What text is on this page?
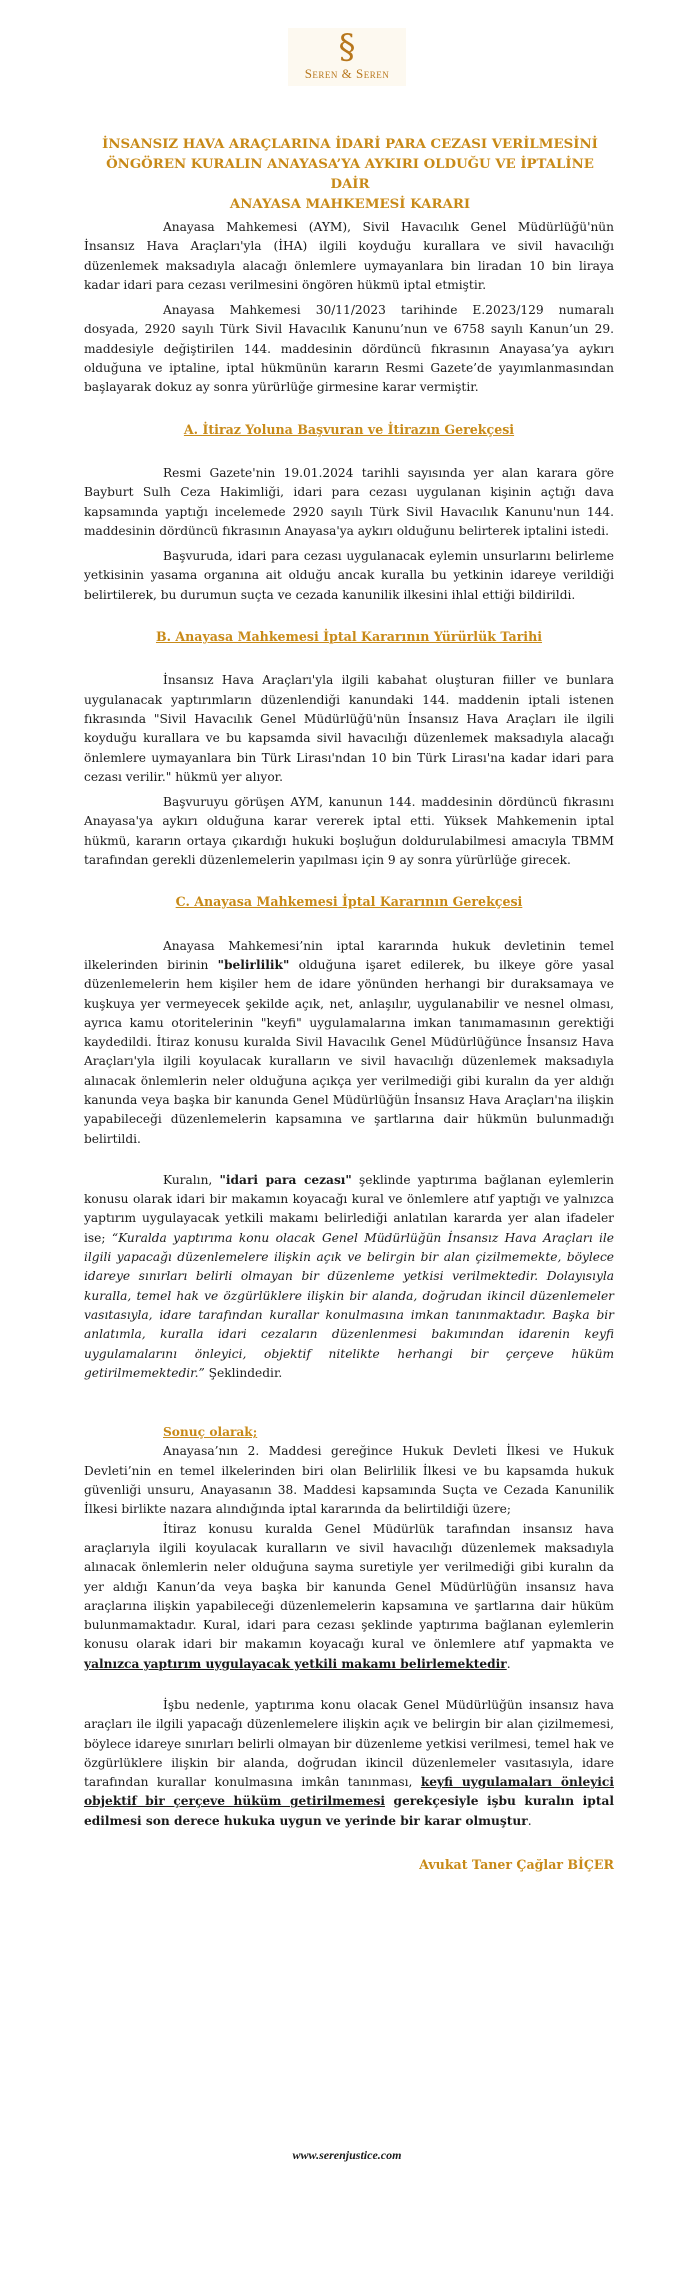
§
Seren & Seren
İNSANSIZ HAVA ARAÇLARINA İDARİ PARA CEZASI VERİLMESİNİ
ÖNGÖREN KURALIN ANAYASA’YA AYKIRI OLDUĞU VE İPTALİNE DAİR
ANAYASA MAHKEMESİ KARARI

Anayasa Mahkemesi (AYM), Sivil Havacılık Genel Müdürlüğü'nün İnsansız Hava Araçları'yla (İHA) ilgili koyduğu kurallara ve sivil havacılığı düzenlemek maksadıyla alacağı önlemlere uymayanlara bin liradan 10 bin liraya kadar idari para cezası verilmesini öngören hükmü iptal etmiştir.

Anayasa Mahkemesi 30/11/2023 tarihinde E.2023/129 numaralı dosyada, 2920 sayılı Türk Sivil Havacılık Kanunu’nun ve 6758 sayılı Kanun’un 29. maddesiyle değiştirilen 144. maddesinin dördüncü fıkrasının Anayasa’ya aykırı olduğuna ve iptaline, iptal hükmünün kararın Resmi Gazete’de yayımlanmasından başlayarak dokuz ay sonra yürürlüğe girmesine karar vermiştir.

A. İtiraz Yoluna Başvuran ve İtirazın Gerekçesi

Resmi Gazete'nin 19.01.2024 tarihli sayısında yer alan karara göre Bayburt Sulh Ceza Hakimliği, idari para cezası uygulanan kişinin açtığı dava kapsamında yaptığı incelemede 2920 sayılı Türk Sivil Havacılık Kanunu'nun 144. maddesinin dördüncü fıkrasının Anayasa'ya aykırı olduğunu belirterek iptalini istedi.

Başvuruda, idari para cezası uygulanacak eylemin unsurlarını belirleme yetkisinin yasama organına ait olduğu ancak kuralla bu yetkinin idareye verildiği belirtilerek, bu durumun suçta ve cezada kanunilik ilkesini ihlal ettiği bildirildi.

B. Anayasa Mahkemesi İptal Kararının Yürürlük Tarihi

İnsansız Hava Araçları'yla ilgili kabahat oluşturan fiiller ve bunlara uygulanacak yaptırımların düzenlendiği kanundaki 144. maddenin iptali istenen fıkrasında "Sivil Havacılık Genel Müdürlüğü'nün İnsansız Hava Araçları ile ilgili koyduğu kurallara ve bu kapsamda sivil havacılığı düzenlemek maksadıyla alacağı önlemlere uymayanlara bin Türk Lirası'ndan 10 bin Türk Lirası'na kadar idari para cezası verilir." hükmü yer alıyor.

Başvuruyu görüşen AYM, kanunun 144. maddesinin dördüncü fıkrasını Anayasa'ya aykırı olduğuna karar vererek iptal etti. Yüksek Mahkemenin iptal hükmü, kararın ortaya çıkardığı hukuki boşluğun doldurulabilmesi amacıyla TBMM tarafından gerekli düzenlemelerin yapılması için 9 ay sonra yürürlüğe girecek.

C. Anayasa Mahkemesi İptal Kararının Gerekçesi

Anayasa Mahkemesi’nin iptal kararında hukuk devletinin temel ilkelerinden birinin "belirlilik" olduğuna işaret edilerek, bu ilkeye göre yasal düzenlemelerin hem kişiler hem de idare yönünden herhangi bir duraksamaya ve kuşkuya yer vermeyecek şekilde açık, net, anlaşılır, uygulanabilir ve nesnel olması, ayrıca kamu otoritelerinin "keyfi" uygulamalarına imkan tanımamasının gerektiği kaydedildi. İtiraz konusu kuralda Sivil Havacılık Genel Müdürlüğünce İnsansız Hava Araçları'yla ilgili koyulacak kuralların ve sivil havacılığı düzenlemek maksadıyla alınacak önlemlerin neler olduğuna açıkça yer verilmediği gibi kuralın da yer aldığı kanunda veya başka bir kanunda Genel Müdürlüğün İnsansız Hava Araçları'na ilişkin yapabileceği düzenlemelerin kapsamına ve şartlarına dair hükmün bulunmadığı belirtildi.

Kuralın, "idari para cezası" şeklinde yaptırıma bağlanan eylemlerin konusu olarak idari bir makamın koyacağı kural ve önlemlere atıf yaptığı ve yalnızca yaptırım uygulayacak yetkili makamı belirlediği anlatılan kararda yer alan ifadeler ise; “Kuralda yaptırıma konu olacak Genel Müdürlüğün İnsansız Hava Araçları ile ilgili yapacağı düzenlemelere ilişkin açık ve belirgin bir alan çizilmemekte, böylece idareye sınırları belirli olmayan bir düzenleme yetkisi verilmektedir. Dolayısıyla kuralla, temel hak ve özgürlüklere ilişkin bir alanda, doğrudan ikincil düzenlemeler vasıtasıyla, idare tarafından kurallar konulmasına imkan tanınmaktadır. Başka bir anlatımla, kuralla idari cezaların düzenlenmesi bakımından idarenin keyfi uygulamalarını önleyici, objektif nitelikte herhangi bir çerçeve hüküm getirilmemektedir.” Şeklindedir.

Sonuç olarak;

Anayasa’nın 2. Maddesi gereğince Hukuk Devleti İlkesi ve Hukuk Devleti’nin en temel ilkelerinden biri olan Belirlilik İlkesi ve bu kapsamda hukuk güvenliği unsuru, Anayasanın 38. Maddesi kapsamında Suçta ve Cezada Kanunilik İlkesi birlikte nazara alındığında iptal kararında da belirtildiği üzere;

İtiraz konusu kuralda Genel Müdürlük tarafından insansız hava araçlarıyla ilgili koyulacak kuralların ve sivil havacılığı düzenlemek maksadıyla alınacak önlemlerin neler olduğuna sayma suretiyle yer verilmediği gibi kuralın da yer aldığı Kanun’da veya başka bir kanunda Genel Müdürlüğün insansız hava araçlarına ilişkin yapabileceği düzenlemelerin kapsamına ve şartlarına dair hüküm bulunmamaktadır. Kural, idari para cezası şeklinde yaptırıma bağlanan eylemlerin konusu olarak idari bir makamın koyacağı kural ve önlemlere atıf yapmakta ve yalnızca yaptırım uygulayacak yetkili makamı belirlemektedir.

İşbu nedenle, yaptırıma konu olacak Genel Müdürlüğün insansız hava araçları ile ilgili yapacağı düzenlemelere ilişkin açık ve belirgin bir alan çizilmemesi, böylece idareye sınırları belirli olmayan bir düzenleme yetkisi verilmesi, temel hak ve özgürlüklere ilişkin bir alanda, doğrudan ikincil düzenlemeler vasıtasıyla, idare tarafından kurallar konulmasına imkân tanınması, keyfi uygulamaları önleyici objektif bir çerçeve hüküm getirilmemesi gerekçesiyle işbu kuralın iptal edilmesi son derece hukuka uygun ve yerinde bir karar olmuştur.

Avukat Taner Çağlar BİÇER
www.serenjustice.com
